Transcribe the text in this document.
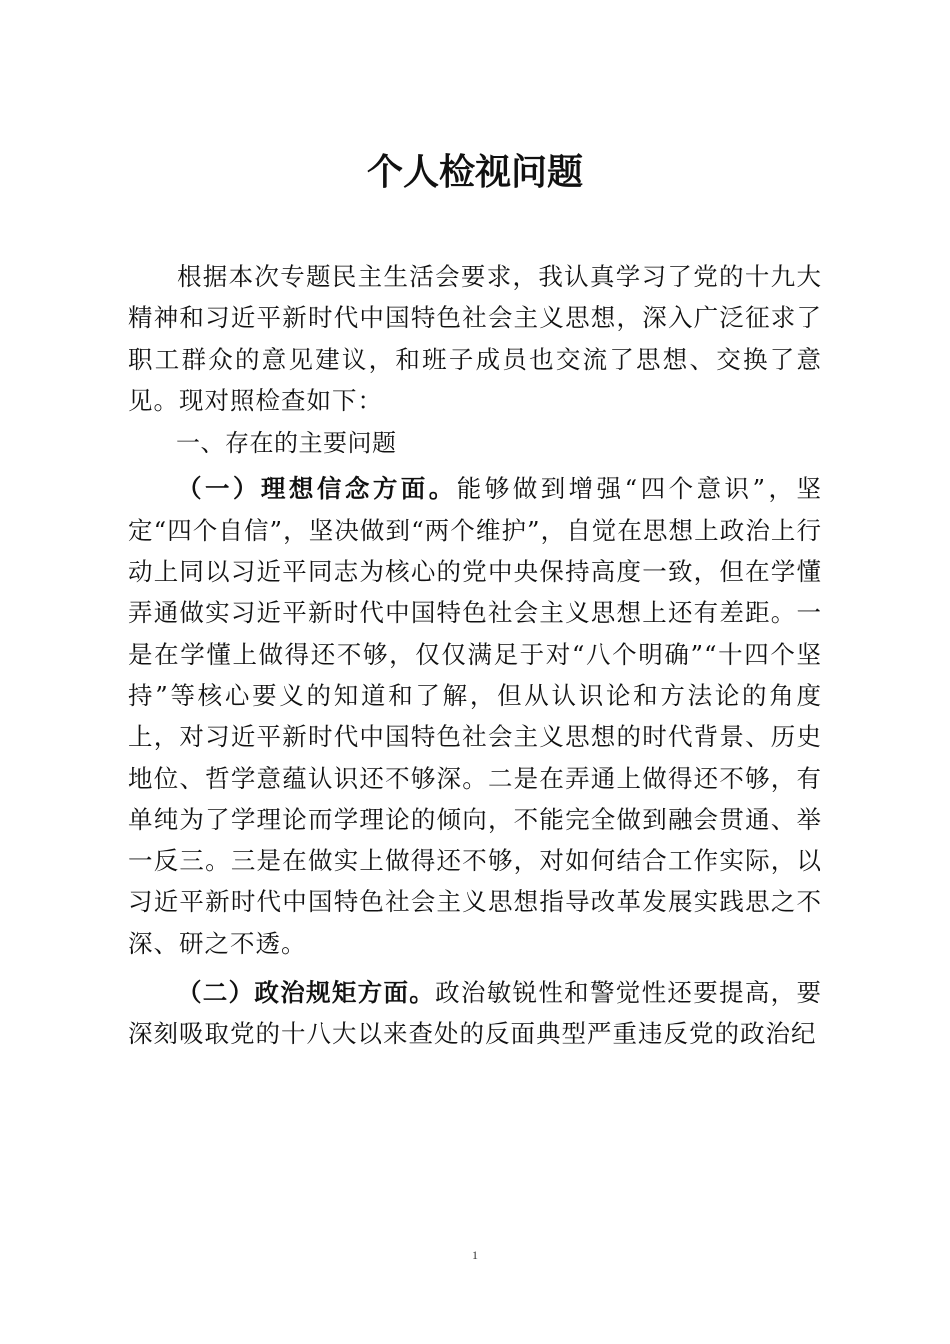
个人检视问题

根据本次专题民主生活会要求，我认真学习了党的十九大精神和习近平新时代中国特色社会主义思想，深入广泛征求了职工群众的意见建议，和班子成员也交流了思想、交换了意见。现对照检查如下：

一、存在的主要问题

（一）理想信念方面。能够做到增强“四个意识”，坚定“四个自信”，坚决做到“两个维护”，自觉在思想上政治上行动上同以习近平同志为核心的党中央保持高度一致，但在学懂弄通做实习近平新时代中国特色社会主义思想上还有差距。一是在学懂上做得还不够，仅仅满足于对“八个明确”“十四个坚持”等核心要义的知道和了解，但从认识论和方法论的角度上，对习近平新时代中国特色社会主义思想的时代背景、历史地位、哲学意蕴认识还不够深。二是在弄通上做得还不够，有单纯为了学理论而学理论的倾向，不能完全做到融会贯通、举一反三。三是在做实上做得还不够，对如何结合工作实际，以习近平新时代中国特色社会主义思想指导改革发展实践思之不深、研之不透。

（二）政治规矩方面。政治敏锐性和警觉性还要提高，要深刻吸取党的十八大以来查处的反面典型严重违反党的政治纪

1
